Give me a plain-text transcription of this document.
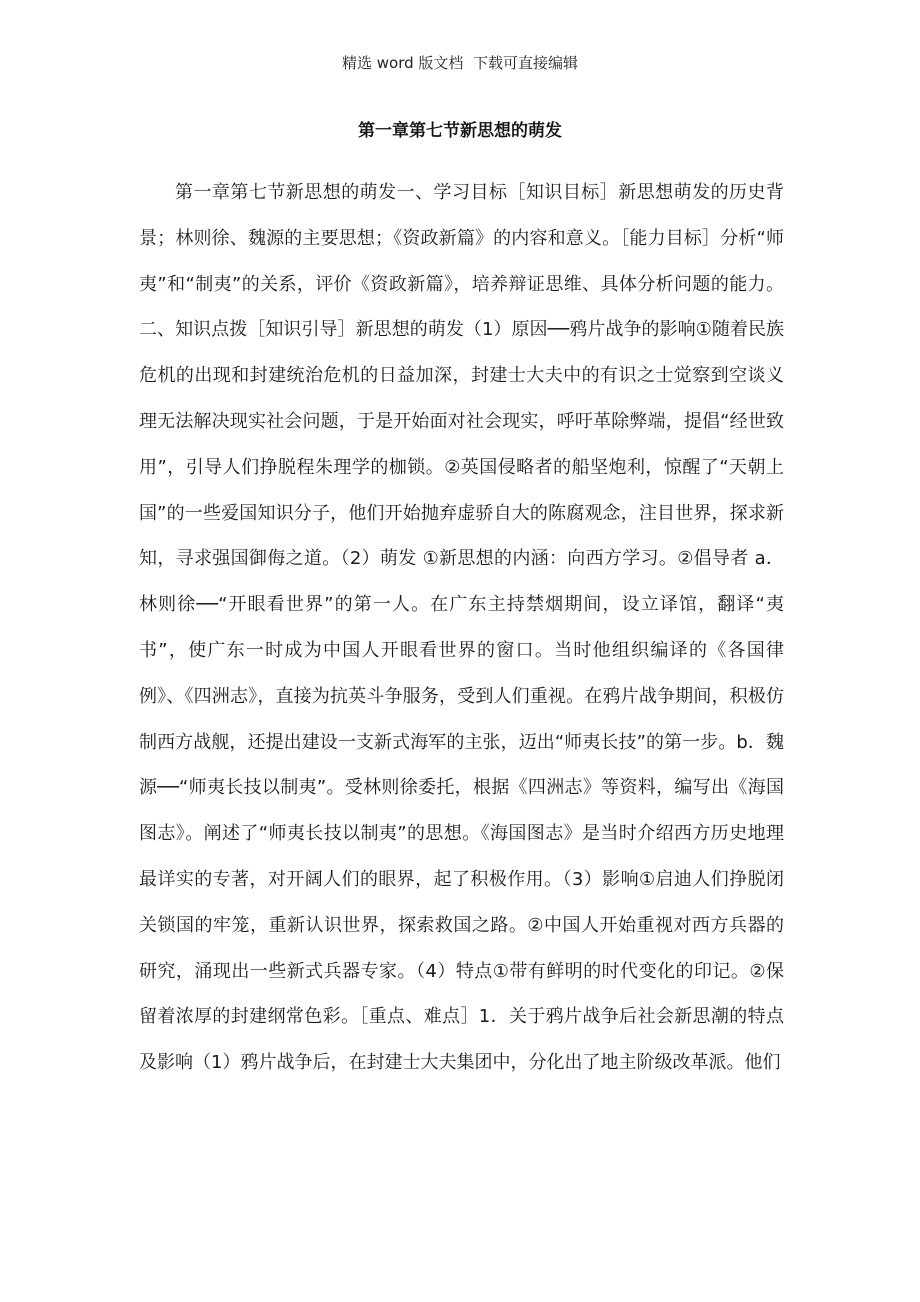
精选 word 版文档  下载可直接编辑
第一章第七节新思想的萌发

第一章第七节新思想的萌发一、学习目标［知识目标］新思想萌发的历史背景；林则徐、魏源的主要思想；《资政新篇》的内容和意义。［能力目标］分析“师夷”和“制夷”的关系，评价《资政新篇》，培养辩证思维、具体分析问题的能力。二、知识点拨［知识引导］新思想的萌发（1）原因──鸦片战争的影响①随着民族危机的出现和封建统治危机的日益加深，封建士大夫中的有识之士觉察到空谈义理无法解决现实社会问题，于是开始面对社会现实，呼吁革除弊端，提倡“经世致用”，引导人们挣脱程朱理学的枷锁。②英国侵略者的船坚炮利，惊醒了“天朝上国”的一些爱国知识分子，他们开始抛弃虚骄自大的陈腐观念，注目世界，探求新知，寻求强国御侮之道。（2）萌发 ①新思想的内涵：向西方学习。②倡导者 a．林则徐──“开眼看世界”的第一人。在广东主持禁烟期间，设立译馆，翻译“夷书”，使广东一时成为中国人开眼看世界的窗口。当时他组织编译的《各国律例》、《四洲志》，直接为抗英斗争服务，受到人们重视。在鸦片战争期间，积极仿制西方战舰，还提出建设一支新式海军的主张，迈出“师夷长技”的第一步。b．魏源──“师夷长技以制夷”。受林则徐委托，根据《四洲志》等资料，编写出《海国图志》。阐述了“师夷长技以制夷”的思想。《海国图志》是当时介绍西方历史地理最详实的专著，对开阔人们的眼界，起了积极作用。（3）影响①启迪人们挣脱闭关锁国的牢笼，重新认识世界，探索救国之路。②中国人开始重视对西方兵器的研究，涌现出一些新式兵器专家。（4）特点①带有鲜明的时代变化的印记。②保留着浓厚的封建纲常色彩。［重点、难点］1．关于鸦片战争后社会新思潮的特点及影响（1）鸦片战争后，在封建士大夫集团中，分化出了地主阶级改革派。他们
